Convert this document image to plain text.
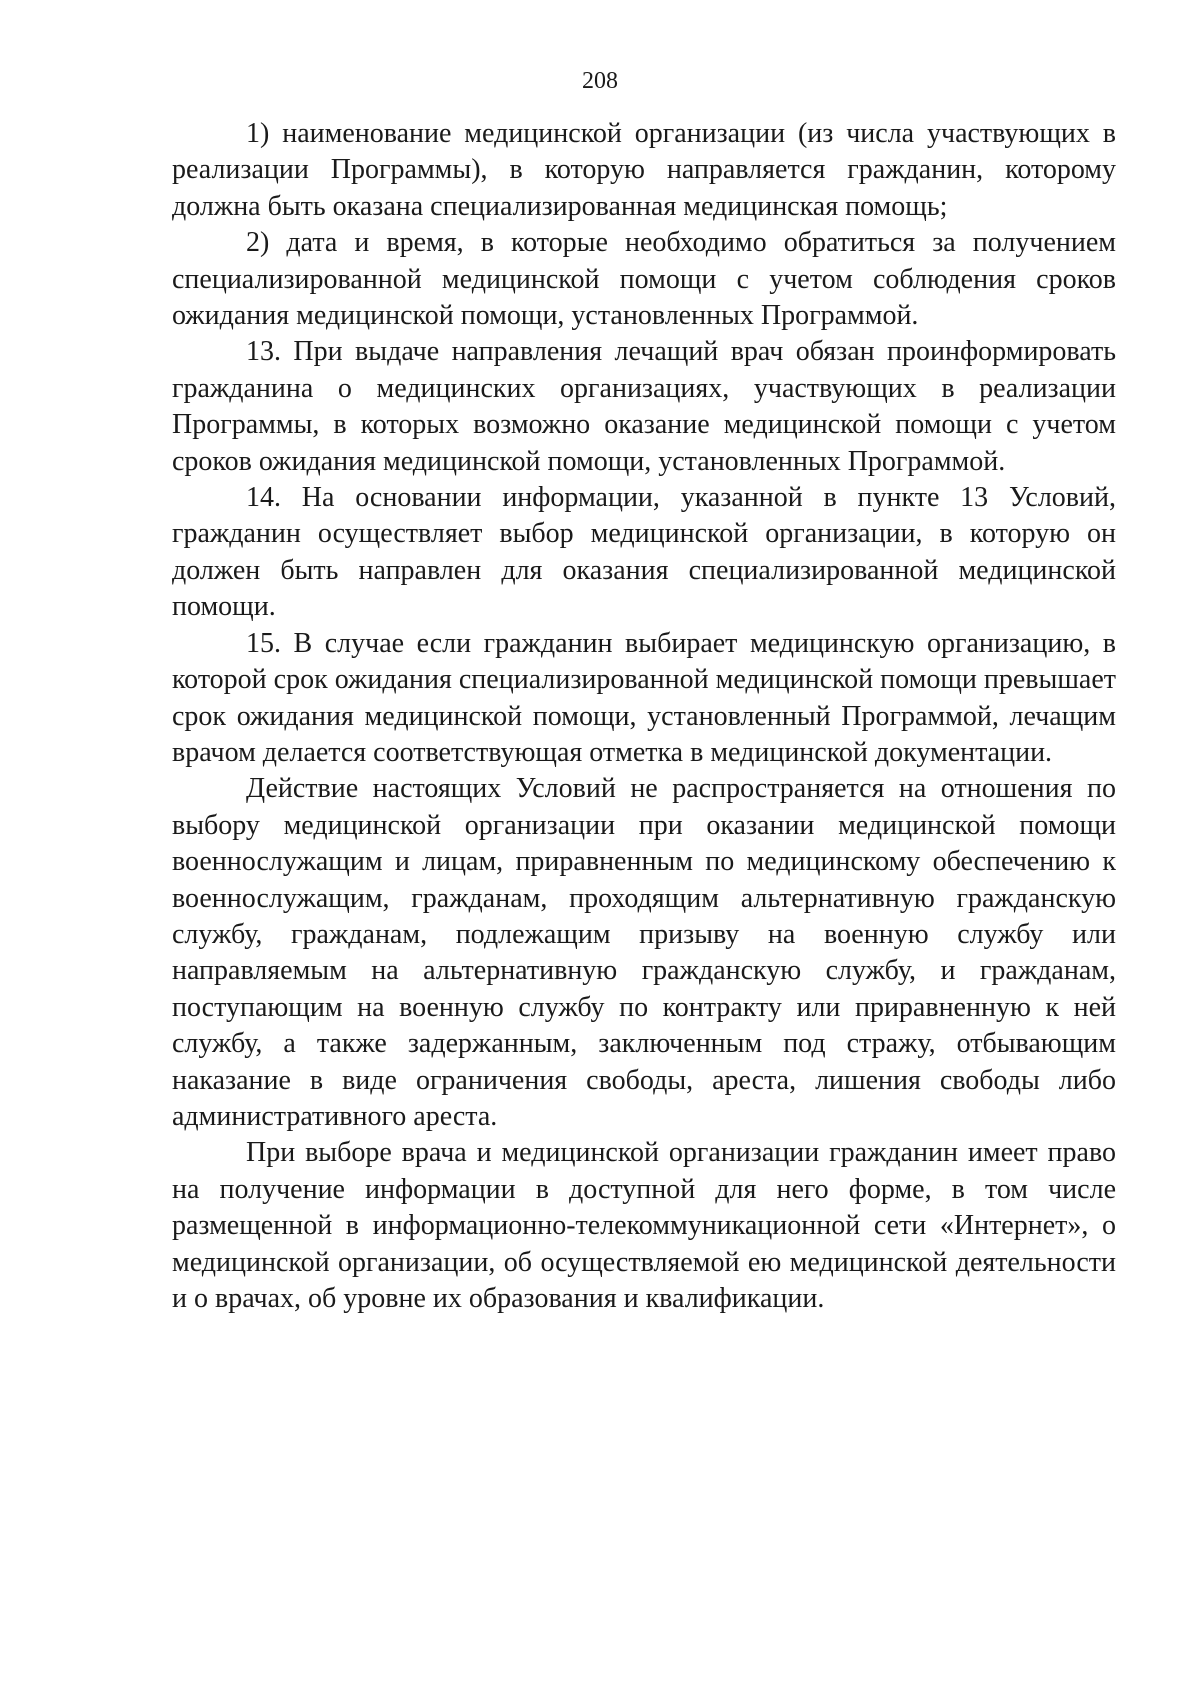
208

1) наименование медицинской организации (из числа участвующих в реализации Программы), в которую направляется гражданин, которому должна быть оказана специализированная медицинская помощь;

2) дата и время, в которые необходимо обратиться за получением специализированной медицинской помощи с учетом соблюдения сроков ожидания медицинской помощи, установленных Программой.

13. При выдаче направления лечащий врач обязан проинформировать гражданина о медицинских организациях, участвующих в реализации Программы, в которых возможно оказание медицинской помощи с учетом сроков ожидания медицинской помощи, установленных Программой.

14. На основании информации, указанной в пункте 13 Условий, гражданин осуществляет выбор медицинской организации, в которую он должен быть направлен для оказания специализированной медицинской помощи.

15. В случае если гражданин выбирает медицинскую организацию, в которой срок ожидания специализированной медицинской помощи превышает срок ожидания медицинской помощи, установленный Программой, лечащим врачом делается соответствующая отметка в медицинской документации.

Действие настоящих Условий не распространяется на отношения по выбору медицинской организации при оказании медицинской помощи военнослужащим и лицам, приравненным по медицинскому обеспечению к военнослужащим, гражданам, проходящим альтернативную гражданскую службу, гражданам, подлежащим призыву на военную службу или направляемым на альтернативную гражданскую службу, и гражданам, поступающим на военную службу по контракту или приравненную к ней службу, а также задержанным, заключенным под стражу, отбывающим наказание в виде ограничения свободы, ареста, лишения свободы либо административного ареста.

При выборе врача и медицинской организации гражданин имеет право на получение информации в доступной для него форме, в том числе размещенной в информационно-телекоммуникационной сети «Интернет», о медицинской организации, об осуществляемой ею медицинской деятельности и о врачах, об уровне их образования и квалификации.
